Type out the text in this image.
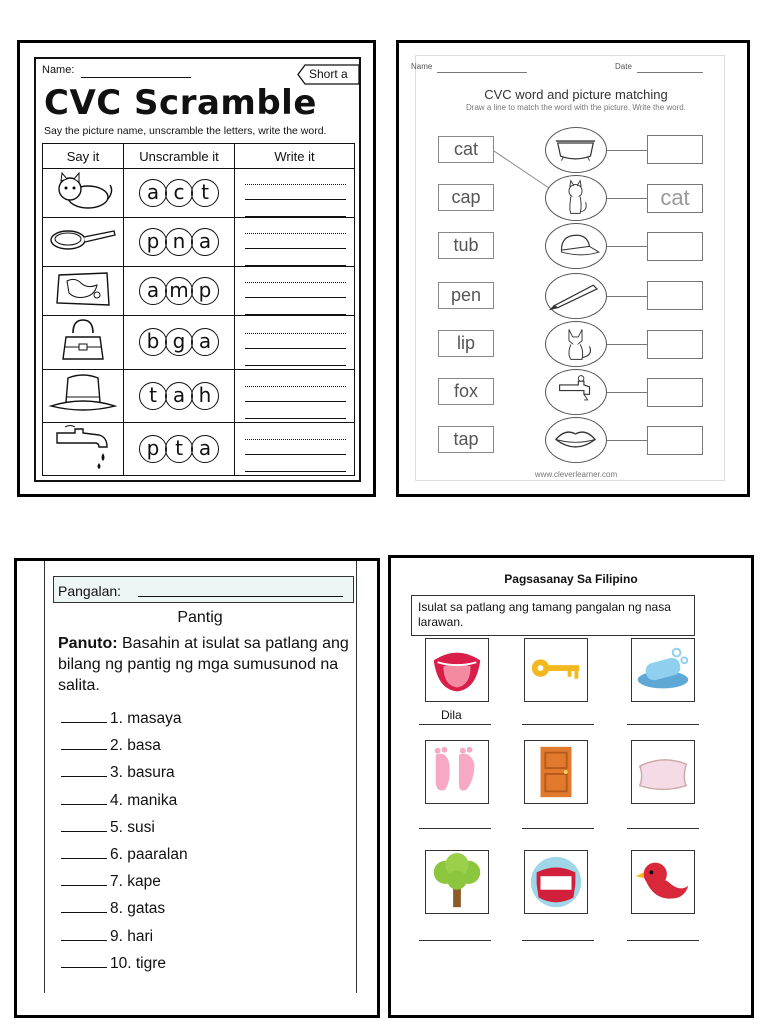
Name:	Short a
CVC Scramble
Say the picture name, unscramble the letters, write the word.
Say it	Unscramble it	Write it
	a c t	

	p n a	

	a m p	

	b g a	

	t a h	

	p t a	
Name	Date
CVC word and picture matching
Draw a line to match the word with the picture. Write the word.
cat
cap
tub
pen
lip
fox
tap
cat
www.cleverlearner.com
Pangalan:
Pantig
Panuto: Basahin at isulat sa patlang ang bilang ng pantig ng mga sumusunod na salita.
1. masaya
2. basa
3. basura
4. manika
5. susi
6. paaralan
7. kape
8. gatas
9. hari
10. tigre
Pagsasanay Sa Filipino
Isulat sa patlang ang tamang pangalan ng nasa larawan.
Dila
